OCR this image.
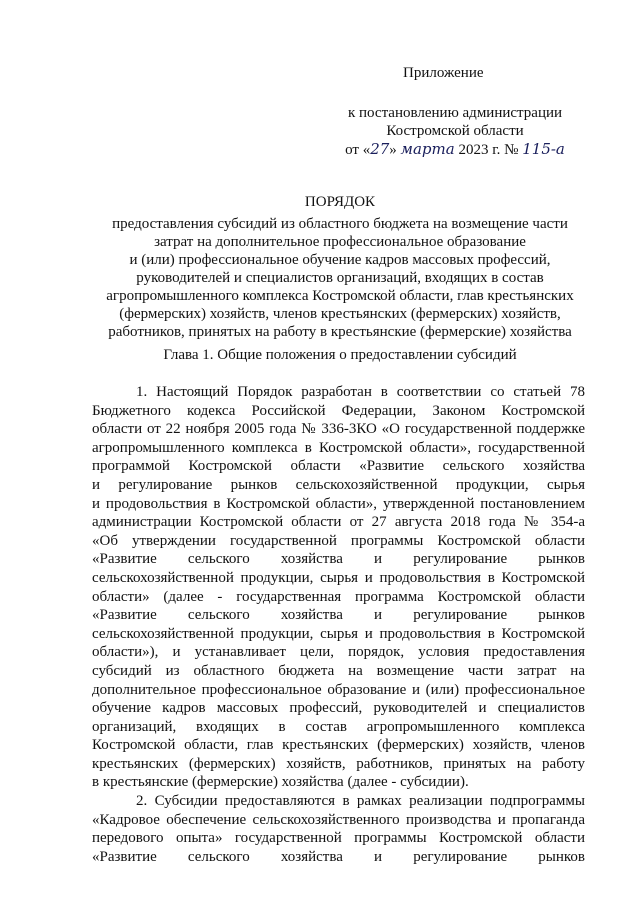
Приложение
к постановлению администрации
Костромской области
от «27» марта 2023 г. № 115-а
ПОРЯДОК
предоставления субсидий из областного бюджета на возмещение части
затрат на дополнительное профессиональное образование
и (или) профессиональное обучение кадров массовых профессий,
руководителей и специалистов организаций, входящих в состав
агропромышленного комплекса Костромской области, глав крестьянских
(фермерских) хозяйств, членов крестьянских (фермерских) хозяйств,
работников, принятых на работу в крестьянские (фермерские) хозяйства
Глава 1. Общие положения о предоставлении субсидий
1. Настоящий Порядок разработан в соответствии со статьей 78
Бюджетного кодекса Российской Федерации, Законом Костромской
области от 22 ноября 2005 года № 336-3КО «О государственной поддержке
агропромышленного комплекса в Костромской области», государственной
программой Костромской области «Развитие сельского хозяйства
и регулирование рынков сельскохозяйственной продукции, сырья
и продовольствия в Костромской области», утвержденной постановлением
администрации Костромской области от 27 августа 2018 года № 354-а
«Об утверждении государственной программы Костромской области
«Развитие сельского хозяйства и регулирование рынков
сельскохозяйственной продукции, сырья и продовольствия в Костромской
области» (далее - государственная программа Костромской области
«Развитие сельского хозяйства и регулирование рынков
сельскохозяйственной продукции, сырья и продовольствия в Костромской
области»), и устанавливает цели, порядок, условия предоставления
субсидий из областного бюджета на возмещение части затрат на
дополнительное профессиональное образование и (или) профессиональное
обучение кадров массовых профессий, руководителей и специалистов
организаций, входящих в состав агропромышленного комплекса
Костромской области, глав крестьянских (фермерских) хозяйств, членов
крестьянских (фермерских) хозяйств, работников, принятых на работу
в крестьянские (фермерские) хозяйства (далее - субсидии).
2. Субсидии предоставляются в рамках реализации подпрограммы
«Кадровое обеспечение сельскохозяйственного производства и пропаганда
передового опыта» государственной программы Костромской области
«Развитие сельского хозяйства и регулирование рынков
